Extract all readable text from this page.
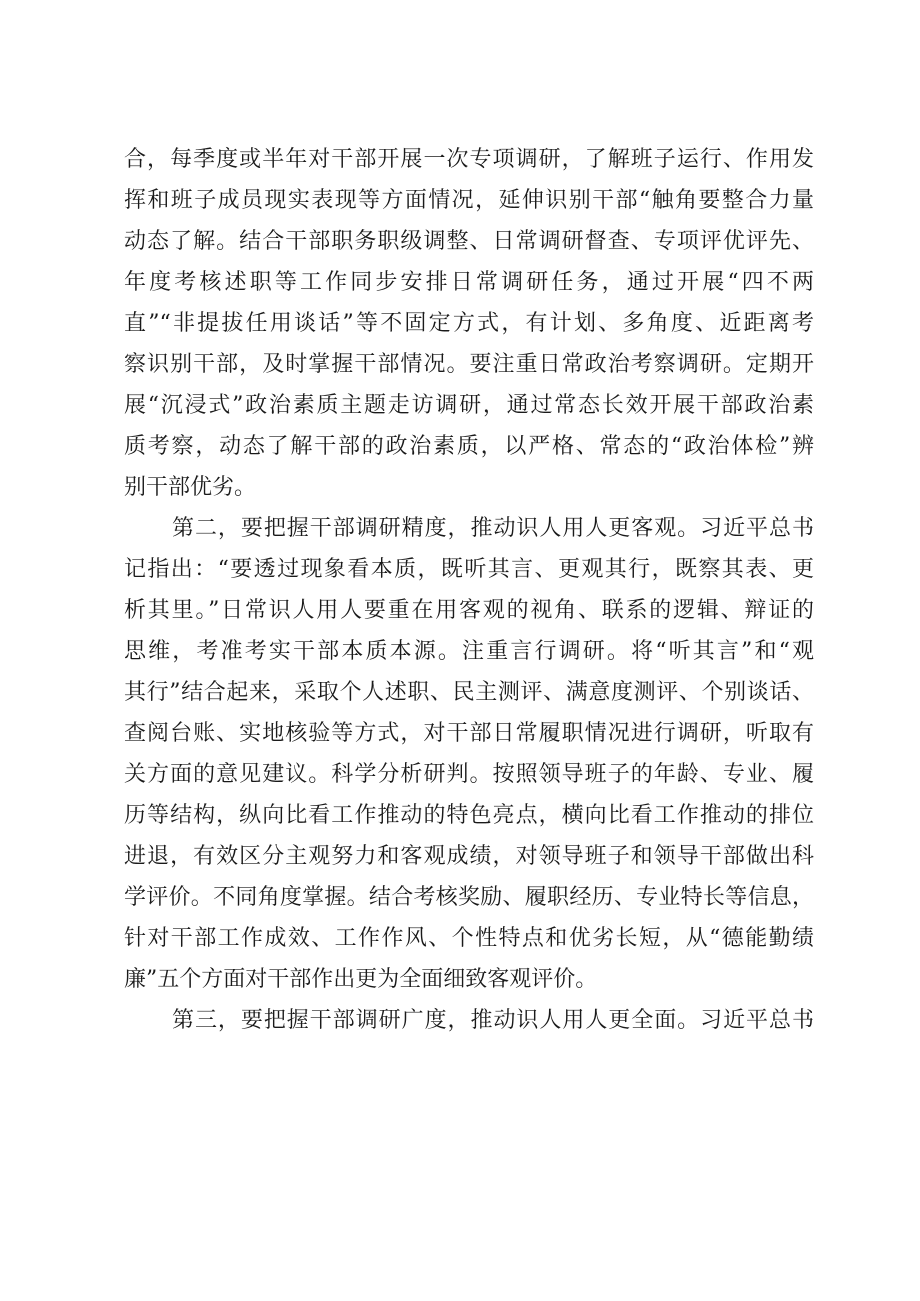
合，每季度或半年对干部开展一次专项调研，了解班子运行、作用发
挥和班子成员现实表现等方面情况，延伸识别干部“触角要整合力量
动态了解。结合干部职务职级调整、日常调研督查、专项评优评先、
年度考核述职等工作同步安排日常调研任务，通过开展“四不两
直”“非提拔任用谈话”等不固定方式，有计划、多角度、近距离考
察识别干部，及时掌握干部情况。要注重日常政治考察调研。定期开
展“沉浸式”政治素质主题走访调研，通过常态长效开展干部政治素
质考察，动态了解干部的政治素质，以严格、常态的“政治体检”辨
别干部优劣。
第二，要把握干部调研精度，推动识人用人更客观。习近平总书
记指出：“要透过现象看本质，既听其言、更观其行，既察其表、更
析其里。”日常识人用人要重在用客观的视角、联系的逻辑、辩证的
思维，考准考实干部本质本源。注重言行调研。将“听其言”和“观
其行”结合起来，采取个人述职、民主测评、满意度测评、个别谈话、
查阅台账、实地核验等方式，对干部日常履职情况进行调研，听取有
关方面的意见建议。科学分析研判。按照领导班子的年龄、专业、履
历等结构，纵向比看工作推动的特色亮点，横向比看工作推动的排位
进退，有效区分主观努力和客观成绩，对领导班子和领导干部做出科
学评价。不同角度掌握。结合考核奖励、履职经历、专业特长等信息，
针对干部工作成效、工作作风、个性特点和优劣长短，从“德能勤绩
廉”五个方面对干部作出更为全面细致客观评价。
第三，要把握干部调研广度，推动识人用人更全面。习近平总书
